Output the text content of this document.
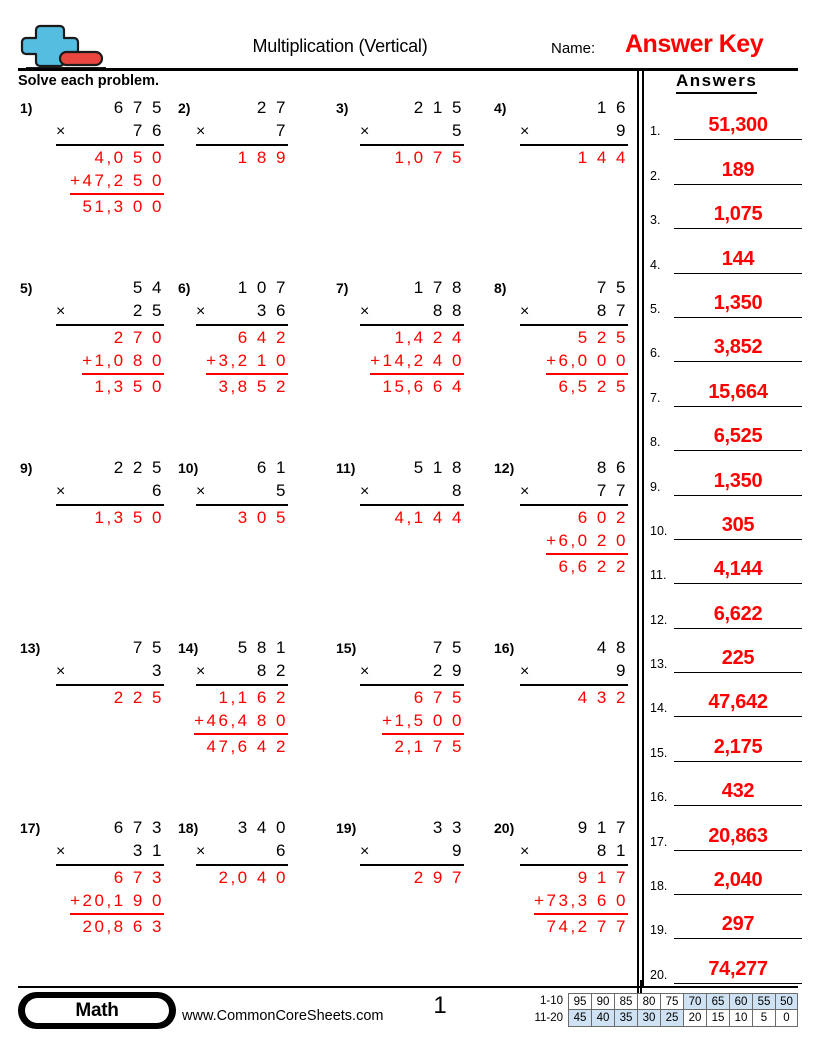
Multiplication (Vertical)	Name: Answer Key
Solve each problem.	Answers
1)	6 7 5
×	7 6
4,0 5 0
+47,2 5 0
51,3 0 0
2)	2 7
×	7
1 8 9
3)	2 1 5
×	5
1,0 7 5
4)	1 6
×	9
1 4 4
5)	5 4
×	2 5
2 7 0
+1,0 8 0
1,3 5 0
6)	1 0 7
×	3 6
6 4 2
+3,2 1 0
3,8 5 2
7)	1 7 8
×	8 8
1,4 2 4
+14,2 4 0
15,6 6 4
8)	7 5
×	8 7
5 2 5
+6,0 0 0
6,5 2 5
9)	2 2 5
×	6
1,3 5 0
10)	6 1
×	5
3 0 5
11)	5 1 8
×	8
4,1 4 4
12)	8 6
×	7 7
6 0 2
+6,0 2 0
6,6 2 2
13)	7 5
×	3
2 2 5
14) 5 8 1
×	8 2
1,1 6 2
+46,4 8 0
47,6 4 2
15)	7 5
×	2 9
6 7 5
+1,5 0 0
2,1 7 5
16)	4 8
×	9
4 3 2
17)	6 7 3
×	3 1
6 7 3
+20,1 9 0
20,8 6 3
18) 3 4 0
×	6
2,0 4 0
19)	3 3
×	9
2 9 7
20)	9 1 7
×	8 1
9 1 7
+73,3 6 0
74,2 7 7
1.	51,300
2.	189
3.	1,075
4.	144
5.	1,350
6.	3,852
7.	15,664
8.	6,525
9.	1,350
10.	305
11.	4,144
12.	6,622
13.	225
14.	47,642
15.	2,175
16.	432
17.	20,863
18.	2,040
19.	297
20.	74,277
Math	www.CommonCoreSheets.com	1	1-10 95 90 85 80 75 70 65 60 55 50
11-20 45 40 35 30 25 20 15 10	5	0
